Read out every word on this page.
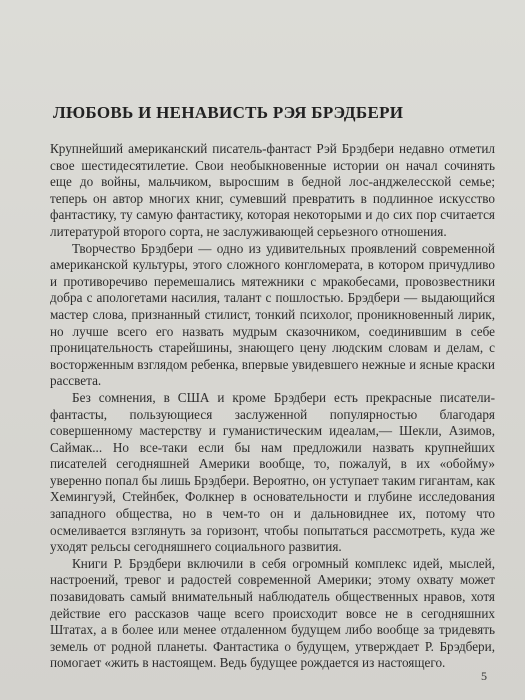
ЛЮБОВЬ И НЕНАВИСТЬ РЭЯ БРЭДБЕРИ

Крупнейший американский писатель-фантаст Рэй Брэдбери недавно отметил свое шестидесятилетие. Свои необыкновенные истории он начал сочинять еще до войны, мальчиком, выросшим в бедной лос-анджелесской семье; теперь он автор многих книг, сумевший превратить в подлинное искусство фантастику, ту самую фантастику, которая некоторыми и до сих пор считается литературой второго сорта, не заслуживающей серьезного отношения.

Творчество Брэдбери — одно из удивительных проявлений современной американской культуры, этого сложного конгломерата, в котором причудливо и противоречиво перемешались мятежники с мракобесами, провозвестники добра с апологетами насилия, талант с пошлостью. Брэдбери — выдающийся мастер слова, признанный стилист, тонкий психолог, проникновенный лирик, но лучше всего его назвать мудрым сказочником, соединившим в себе проницательность старейшины, знающего цену людским словам и делам, с восторженным взглядом ребенка, впервые увидевшего нежные и ясные краски рассвета.

Без сомнения, в США и кроме Брэдбери есть прекрасные писатели-фантасты, пользующиеся заслуженной популярностью благодаря совершенному мастерству и гуманистическим идеалам,— Шекли, Азимов, Саймак... Но все-таки если бы нам предложили назвать крупнейших писателей сегодняшней Америки вообще, то, пожалуй, в их «обойму» уверенно попал бы лишь Брэдбери. Вероятно, он уступает таким гигантам, как Хемингуэй, Стейнбек, Фолкнер в основательности и глубине исследования западного общества, но в чем-то он и дальновиднее их, потому что осмеливается взглянуть за горизонт, чтобы попытаться рассмотреть, куда же уходят рельсы сегодняшнего социального развития.

Книги Р. Брэдбери включили в себя огромный комплекс идей, мыслей, настроений, тревог и радостей современной Америки; этому охвату может позавидовать самый внимательный наблюдатель общественных нравов, хотя действие его рассказов чаще всего происходит вовсе не в сегодняшних Штатах, а в более или менее отдаленном будущем либо вообще за тридевять земель от родной планеты. Фантастика о будущем, утверждает Р. Брэдбери, помогает «жить в настоящем. Ведь будущее рождается из настоящего.

5
